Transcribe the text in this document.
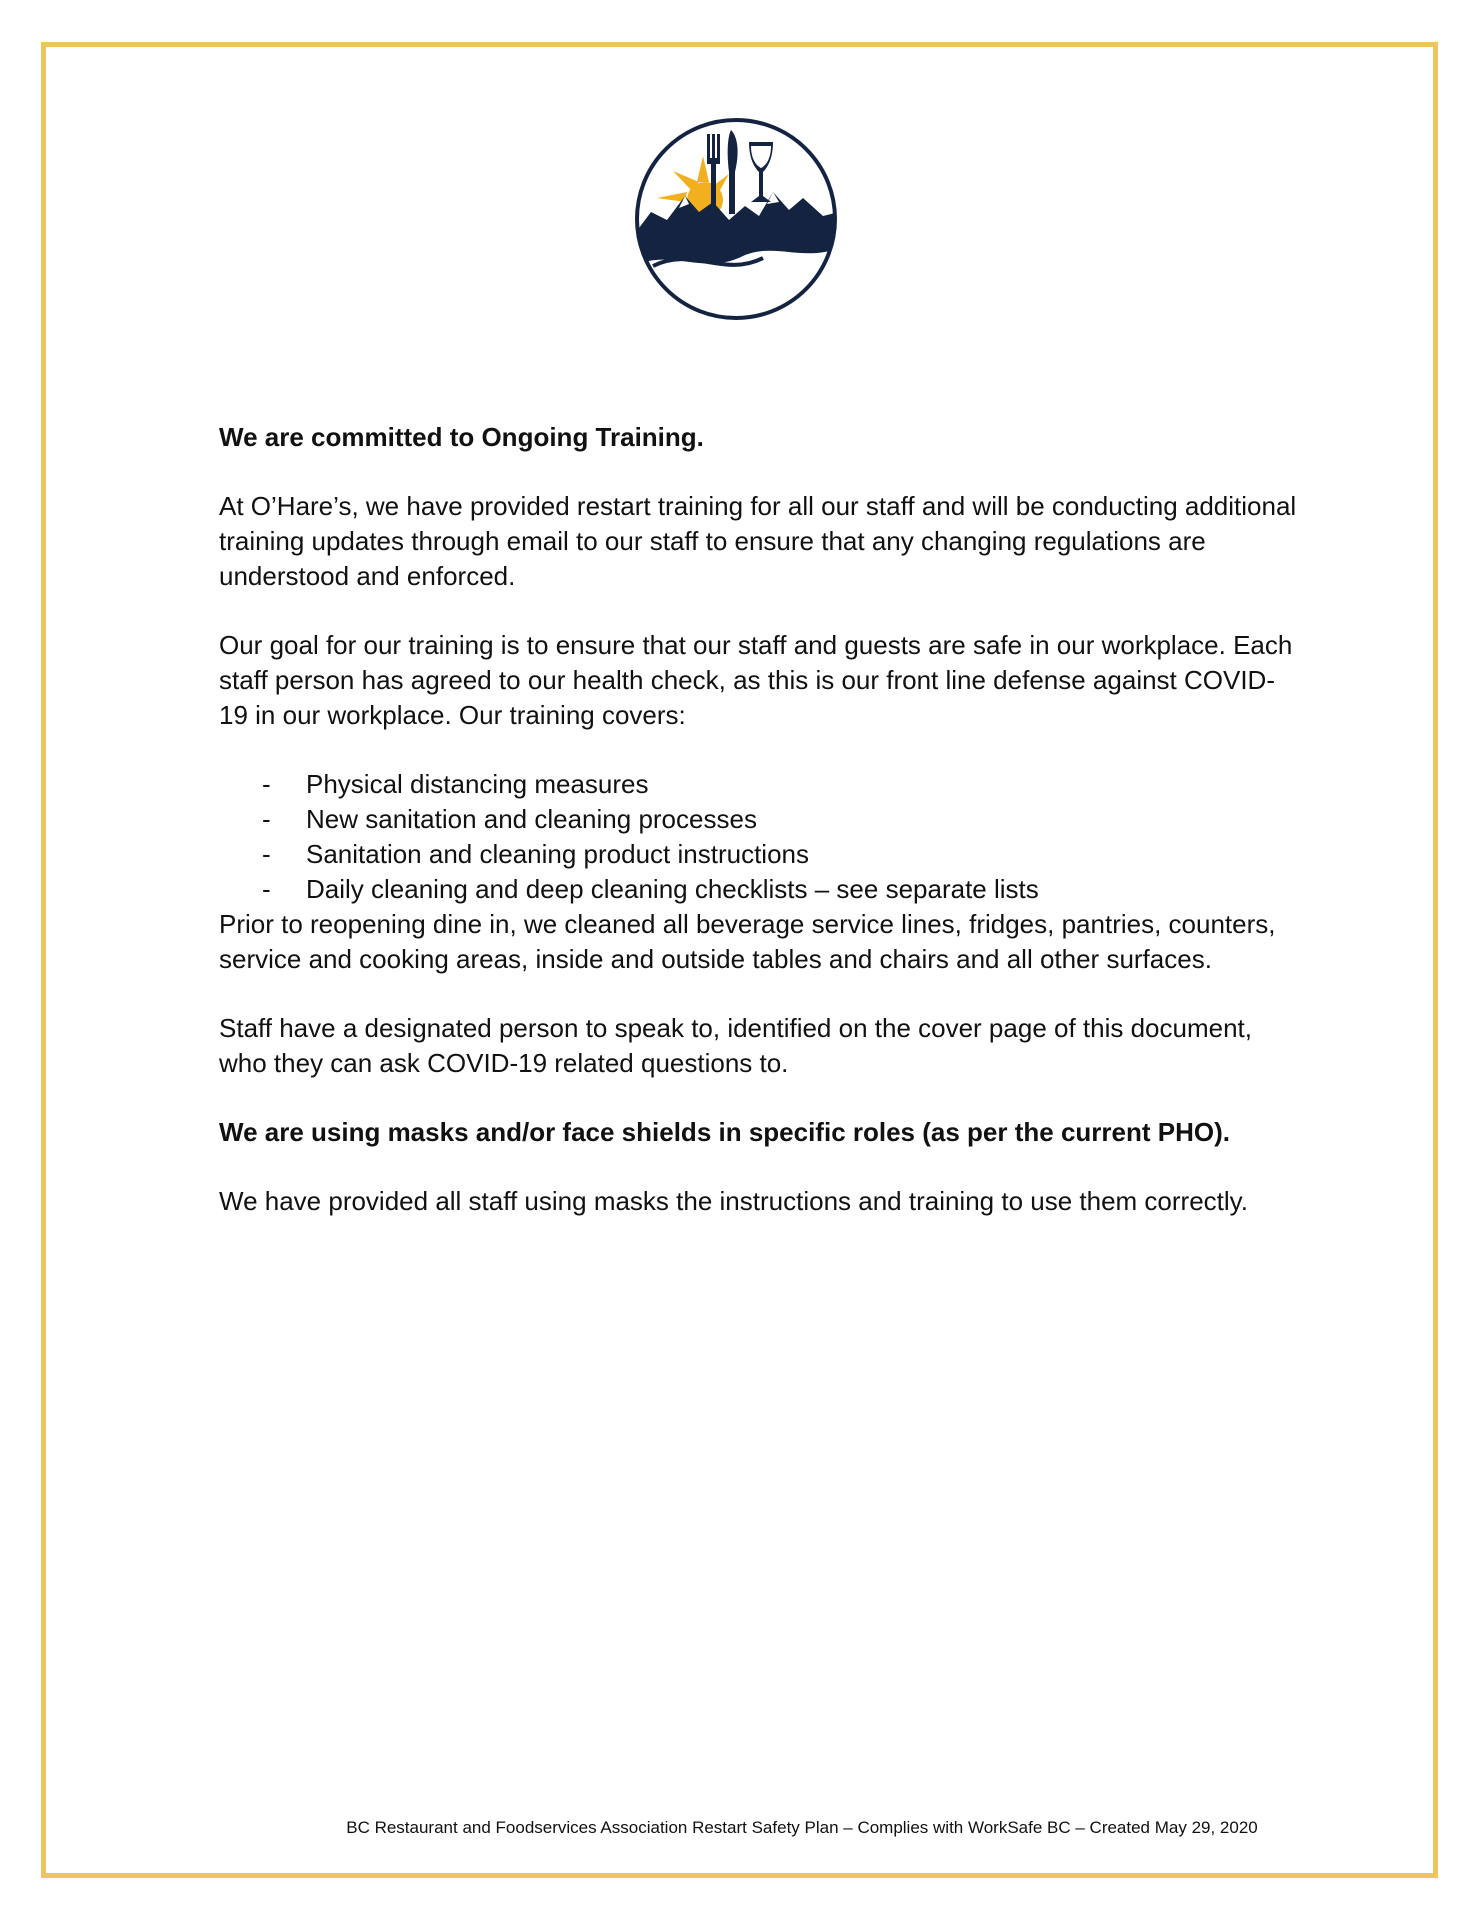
We are committed to Ongoing Training.

At O’Hare’s, we have provided restart training for all our staff and will be conducting additional training updates through email to our staff to ensure that any changing regulations are understood and enforced.

Our goal for our training is to ensure that our staff and guests are safe in our workplace. Each staff person has agreed to our health check, as this is our front line defense against COVID-19 in our workplace. Our training covers:

- Physical distancing measures
- New sanitation and cleaning processes
- Sanitation and cleaning product instructions
- Daily cleaning and deep cleaning checklists – see separate lists

Prior to reopening dine in, we cleaned all beverage service lines, fridges, pantries, counters, service and cooking areas, inside and outside tables and chairs and all other surfaces.

Staff have a designated person to speak to, identified on the cover page of this document, who they can ask COVID-19 related questions to.

We are using masks and/or face shields in specific roles (as per the current PHO).

We have provided all staff using masks the instructions and training to use them correctly.

BC Restaurant and Foodservices Association Restart Safety Plan – Complies with WorkSafe BC – Created May 29, 2020
